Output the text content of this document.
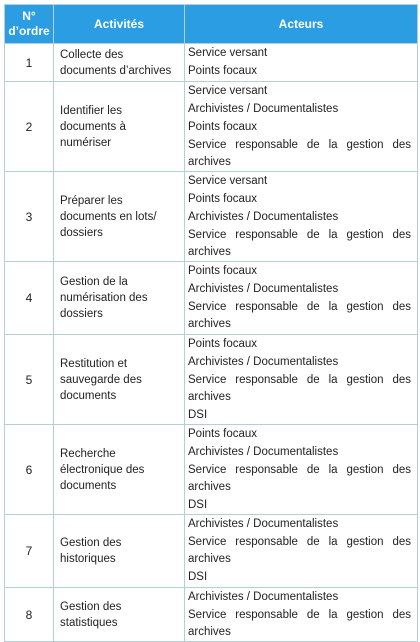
N° d’ordre	Activités	Acteurs
1	Collecte des documents d’archives	Service versant
Points focaux

2	Identifier les documents à numériser	Service versant
Archivistes / Documentalistes
Points focaux
Service responsable de la gestion des archives

3	Préparer les documents en lots/ dossiers	Service versant
Points focaux
Archivistes / Documentalistes
Service responsable de la gestion des archives

4	Gestion de la numérisation des dossiers	Points focaux
Archivistes / Documentalistes
Service responsable de la gestion des archives

5	Restitution et sauvegarde des documents	Points focaux
Archivistes / Documentalistes
Service responsable de la gestion des archives
DSI

6	Recherche électronique des documents	Points focaux
Archivistes / Documentalistes
Service responsable de la gestion des archives
DSI

7	Gestion des historiques	Archivistes / Documentalistes
Service responsable de la gestion des archives
DSI

8	Gestion des statistiques	Archivistes / Documentalistes
Service responsable de la gestion des archives
